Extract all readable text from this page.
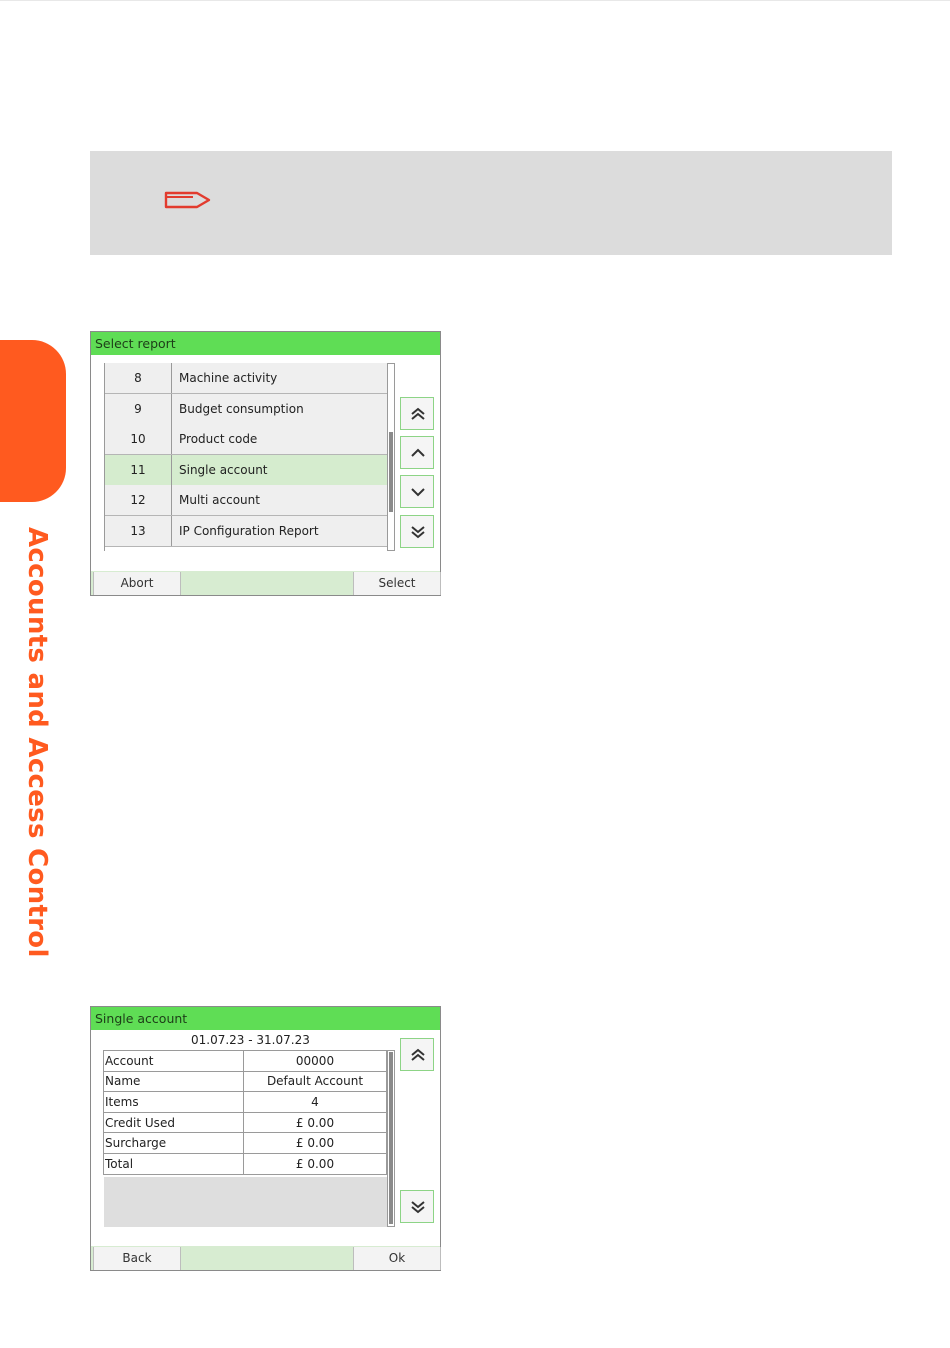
Accounts and Access Control
Select report
8	Machine activity
9	Budget consumption
10	Product code
11	Single account
12	Multi account
13	IP Configuration Report
Abort	Select
Single account
01.07.23 - 31.07.23
Account	00000
Name	Default Account
Items	4
Credit Used	£ 0.00
Surcharge	£ 0.00
Total	£ 0.00
Back	Ok
